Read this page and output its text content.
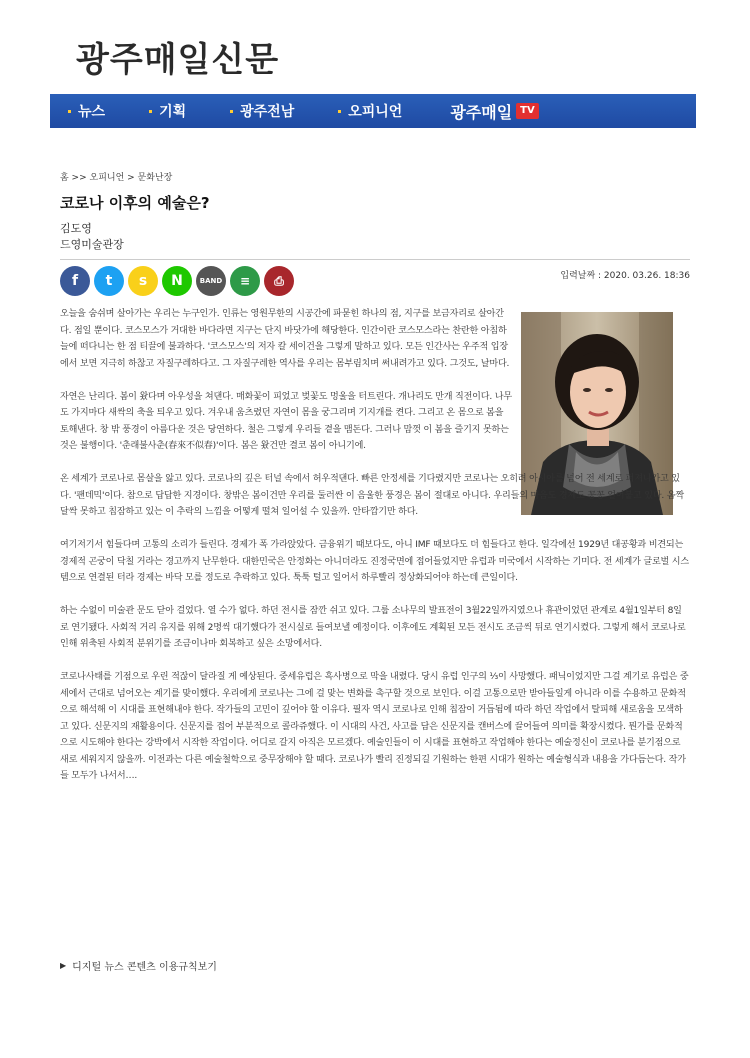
광주매일신문
뉴스	기획	광주전남	오피니언	광주매일 TV
홈 >> 오피니언 > 문화난장
코로나 이후의 예술은?
김도영
드영미술관장
f t s N BAND ≡ ⎙	입력날짜 : 2020. 03.26. 18:36

오늘을 숨쉬며 살아가는 우리는 누구인가. 인류는 영원무한의 시공간에 파묻힌 하나의 점, 지구를 보금자리로 살아간다. 점일 뿐이다. 코스모스가 거대한 바다라면 지구는 단지 바닷가에 해당한다. 인간이란 코스모스라는 찬란한 아침하늘에 떠다니는 한 점 티끌에 불과하다. '코스모스'의 저자 칼 세이건을 그렇게 말하고 있다. 모든 인간사는 우주적 입장에서 보면 지극히 하찮고 자질구레하다고. 그 자질구레한 역사를 우리는 몸부림치며 써내려가고 있다. 그것도, 날마다.

자연은 난리다. 봄이 왔다며 아우성을 쳐댄다. 매화꽃이 피었고 벚꽃도 멍울을 터트린다. 개나리도 만개 직전이다. 나무도 가지마다 새싹의 축을 틔우고 있다. 겨우내 움츠렸던 자연이 몸을 궁그리며 기지개를 켠다. 그리고 온 몸으로 봄을 토해낸다. 창 밖 풍경이 아름다운 것은 당연하다. 철은 그렇게 우리들 곁을 맴돈다. 그러나 맘껏 이 봄을 즐기지 못하는 것은 불행이다. '춘래불사춘(春來不似春)'이다. 봄은 왔건만 결코 봄이 아니기에.

온 세계가 코로나로 몸살을 앓고 있다. 코로나의 깊은 터널 속에서 허우적댄다. 빠른 안정세를 기다렸지만 코로나는 오히려 아시아를 넘어 전 세계로 퍼져나가고 있다. '팬데믹'이다. 참으로 답답한 지경이다. 창밖은 봄이건만 우리를 둘러싼 이 음울한 풍경은 봄이 절대로 아니다. 우리들의 마음도 경제도 꽁꽁 얼어붙고 있다. 옴짝달싹 못하고 칩잠하고 있는 이 추락의 느낌을 어떻게 떨쳐 일어설 수 있을까. 안타깝기만 하다.

여기저기서 힘들다며 고통의 소리가 들린다. 경제가 폭 가라앉았다. 금융위기 때보다도, 아니 IMF 때보다도 더 힘들다고 한다. 일각에선 1929년 대공황과 비견되는 경제적 곤궁이 닥칠 거라는 경고까지 난무한다. 대한민국은 안정화는 아니더라도 진정국면에 접어들었지만 유럽과 미국에서 시작하는 기미다. 전 세계가 글로벌 시스템으로 연결된 터라 경제는 바닥 모를 정도로 추락하고 있다. 툭툭 털고 일어서 하루빨리 정상화되어야 하는데 큰일이다.

하는 수없이 미술관 문도 닫아 걸었다. 열 수가 없다. 하던 전시를 잠깐 쉬고 있다. 그룹 소나무의 발표전이 3월22일까지였으나 휴관이었던 관계로 4월1일부터 8일로 연기됐다. 사회적 거리 유지를 위해 2명씩 대기했다가 전시실로 들여보낼 예정이다. 이후에도 계획된 모든 전시도 조금씩 뒤로 연기시켰다. 그렇게 해서 코로나로 인해 위축된 사회적 분위기를 조금이나마 회복하고 싶은 소망에서다.

코로나사태를 기점으로 우린 적잖이 달라질 게 예상된다. 중세유럽은 흑사병으로 막을 내렸다. 당시 유럽 인구의 ⅓이 사망했다. 패닉이었지만 그걸 계기로 유럽은 중세에서 근대로 넘어오는 계기를 맞이했다. 우리에게 코로나는 그에 걸 맞는 변화를 촉구할 것으로 보인다. 이걸 고통으로만 받아들일게 아니라 이를 수용하고 문화적으로 해석해 이 시대를 표현해내야 한다. 작가들의 고민이 깊어야 할 이유다. 필자 역시 코로나로 인해 칩잠이 거듭됨에 따라 하던 작업에서 탈피해 새로움을 모색하고 있다. 신문지의 재활용이다. 신문지를 접어 부분적으로 콜라쥬했다. 이 시대의 사건, 사고를 담은 신문지를 캔버스에 끌어들여 의미를 확장시켰다. 뭔가를 문화적으로 시도해야 한다는 강박에서 시작한 작업이다. 어디로 갈지 아직은 모르겠다. 예술인들이 이 시대를 표현하고 작업해야 한다는 예술정신이 코로나를 분기점으로 새로 세워지지 않을까. 이전과는 다른 예술철학으로 중무장해야 할 때다. 코로나가 빨리 진정되길 기원하는 한편 시대가 원하는 예술형식과 내용을 가다듬는다. 작가들 모두가 나서서….

▶ 디지털 뉴스 콘텐츠 이용규칙보기
